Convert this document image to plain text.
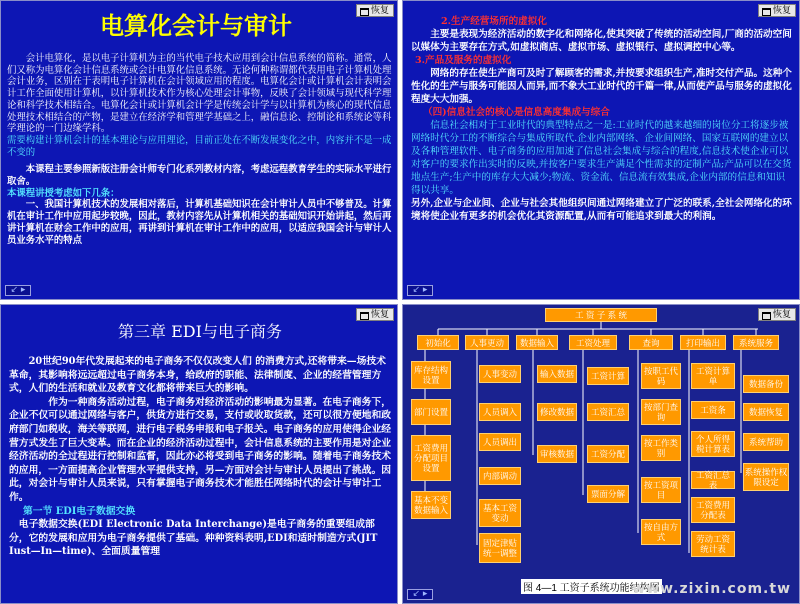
恢复
电算化会计与审计

会计电算化，是以电子计算机为主的当代电子技术应用到会计信息系统的简称。通常，人们又称为电算化会计信息系统或会计电算化信息系统。无论何种称谓都代表用电子计算机处理会计业务，区别在于表明电子计算机在会计领域应用的程度。电算化会计或计算机会计表明会计工作全面使用计算机，以计算机技术作为核心处理会计事物，反映了会计领域与现代科学理论和科学技术相结合。电算化会计或计算机会计学是传统会计学与以计算机为核心的现代信息处理技术相结合的产物，是建立在经济学和管理学基础之上，融信息论、控制论和系统论等科学理论的一门边缘学科。

需要构建计算机会计的基本理论与应用理论，目前正处在不断发展变化之中，内容并不是一成不变的

本课程主要参照新版注册会计师专门化系列教材内容，考虑远程教育学生的实际水平进行取舍。

本课程讲授考虑如下几条：

一、我国计算机技术的发展相对落后，计算机基础知识在会计审计人员中不够普及。计算机在审计工作中应用起步较晚，因此，教材内容先从计算机相关的基础知识开始讲起，然后再讲计算机在财会工作中的应用，再讲到计算机在审计工作中的应用，以适应我国会计与审计人员业务水平的特点

↙ ▸
恢复

2.生产经营场所的虚拟化

主要是表现为经济活动的数字化和网络化,使其突破了传统的活动空间,厂商的活动空间以媒体为主要存在方式,如虚拟商店、虚拟市场、虚拟银行、虚拟调控中心等。

3.产品及服务的虚拟化

网络的存在使生产商可及时了解顾客的需求,并按要求组织生产,准时交付产品。这种个性化的生产与服务可能因人而异,而不象大工业时代的千篇一律,从而使产品与服务的虚拟化程度大大加强。

（四)信息社会的核心是信息高度集成与综合

信息社会相对于工业时代的典型特点之一是:工业时代的越来越细的岗位分工将逐步被网络时代分工的不断综合与集成所取代.企业内部网络、企业间网络、国家互联网的建立以及各种管理软件、电子商务的应用加速了信息社会集成与综合的程度,信息技术使企业可以对客户的要求作出实时的反映,并按客户要求生产满足个性需求的定制产品;产品可以在交货地点生产;生产中的库存大大减少;物流、资金流、信息流有效集成,企业内部的信息和知识得以共享。

另外,企业与企业间、企业与社会其他组织间通过网络建立了广泛的联系,全社会网络化的环境将使企业有更多的机会优化其资源配置,从而有可能追求到最大的利润。

↙ ▸
恢复
第三章 EDI与电子商务

20世纪90年代发展起来的电子商务不仅仅改变人们 的消费方式,还将带来—场技术革命，其影响将远远超过电子商务本身，给政府的职能、法律制度、企业的经营管理方式，人们的生活和就业及教育文化都将带来巨大的影响。

作为一种商务活动过程，电子商务对经济活动的影响最为显著。在电子商务下，企业不仅可以通过网络与客户，供货方进行交易，支付或收取货款，还可以很方便地和政府部门如税收，海关等联网，进行电子税务申报和电子报关。电子商务的应用使得企业经营方式发生了巨大变革。而在企业的经济活动过程中，会计信息系统的主要作用是对企业经济活动的全过程进行控制和监督，因此亦必将受到电子商务的影响。随着电子商务技术的应用，一方面提高企业管理水平提供支持，另—方面对会计与审计人员提出了挑战。因此，对会计与审计人员来说，只有掌握电子商务技术才能胜任网络时代的会计与审计工作。

第一节 EDI电子数据交换

电子数据交换(EDI Electronic Data Interchange)是电子商务的重要组成部分，它的发展和应用为电子商务提供了基础。种种资料表明,EDI和适时制造方式(JIT Iust—In—time)、全面质量管理

恢复
工 资 子 系 统
初始化	人事更动	数据输入	工资处理	查询	打印输出	系统服务
库存结构设置
部门设置
工资费用分配项目设置
基本不变数据输入
人事变动
人员调入
人员调出
内部调动
基本工资变动
固定津贴统一调整
输入数据
修改数据
审核数据
工资计算
工资汇总
工资分配
票面分解
按职工代码
按部门查询
按工作类别
按工资项目
按自由方式
工资计算单
工资条
个人所得税计算表
工资汇总表
工资费用分配表
劳动工资统计表
数据备份
数据恢复
系统帮助
系统操作权限设定
图 4—1 工资子系统功能结构图
www.zixin.com.tw
↙ ▸
